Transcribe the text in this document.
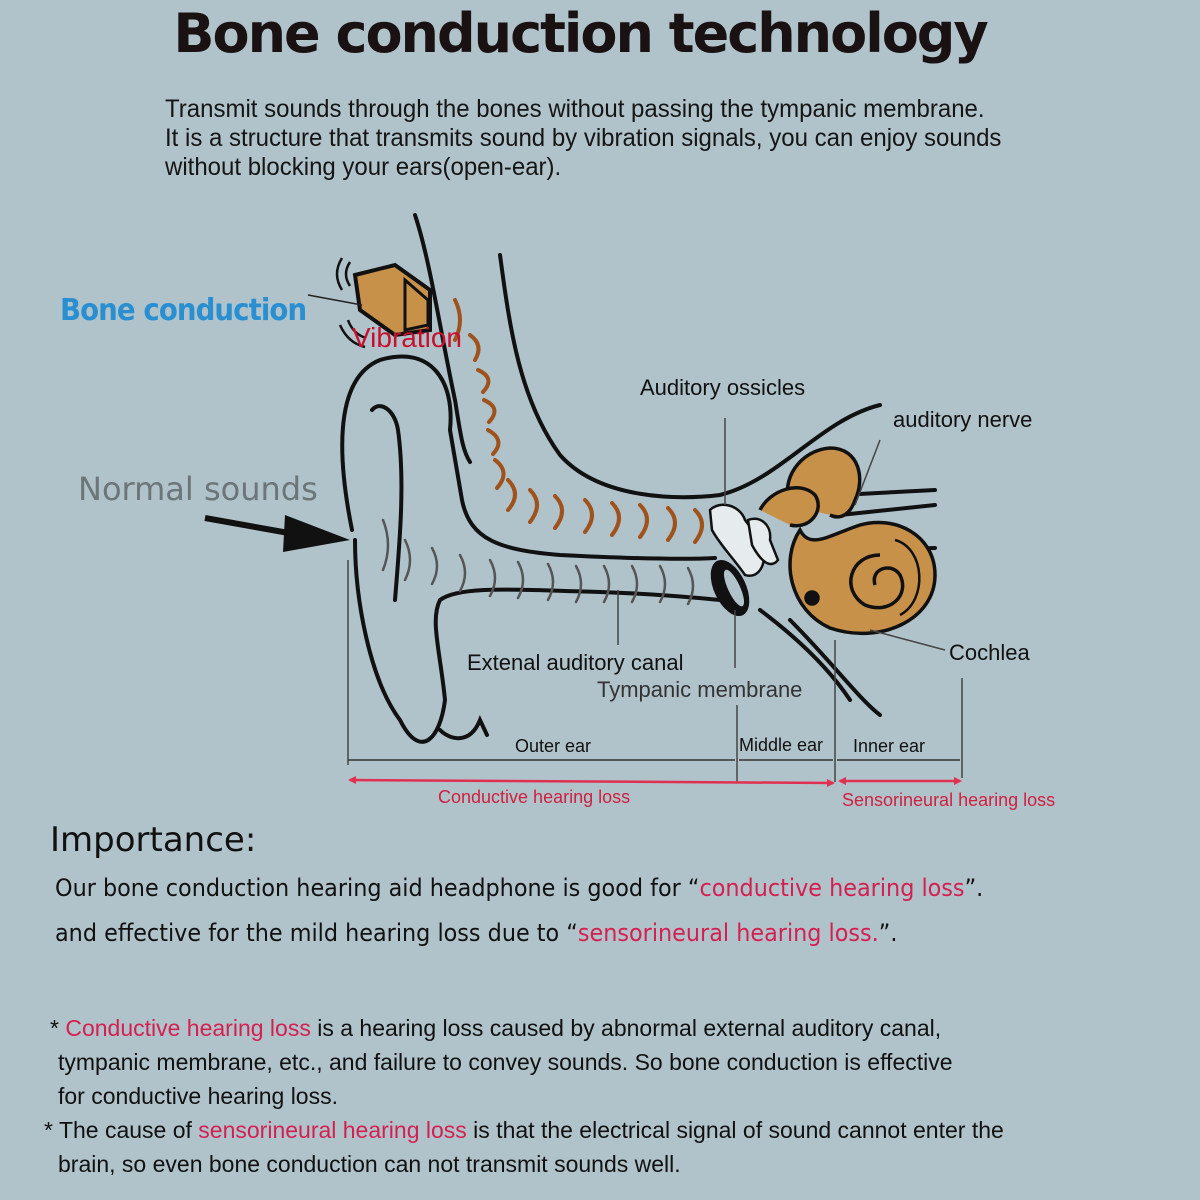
Bone conduction technology
Transmit sounds through the bones without passing the tympanic membrane.
It is a structure that transmits sound by vibration signals, you can enjoy sounds
without blocking your ears(open-ear).
Bone conduction
Vibration
Normal sounds
Auditory ossicles
auditory nerve
Cochlea
Extenal auditory canal
Tympanic membrane
Outer ear	Middle ear Inner ear
Conductive hearing loss	Sensorineural hearing loss
Importance:
Our bone conduction hearing aid headphone is good for “conductive hearing loss”.
and effective for the mild hearing loss due to “sensorineural hearing loss.”.
* Conductive hearing loss is a hearing loss caused by abnormal external auditory canal,
tympanic membrane, etc., and failure to convey sounds. So bone conduction is effective
for conductive hearing loss.
* The cause of sensorineural hearing loss is that the electrical signal of sound cannot enter the
brain, so even bone conduction can not transmit sounds well.
